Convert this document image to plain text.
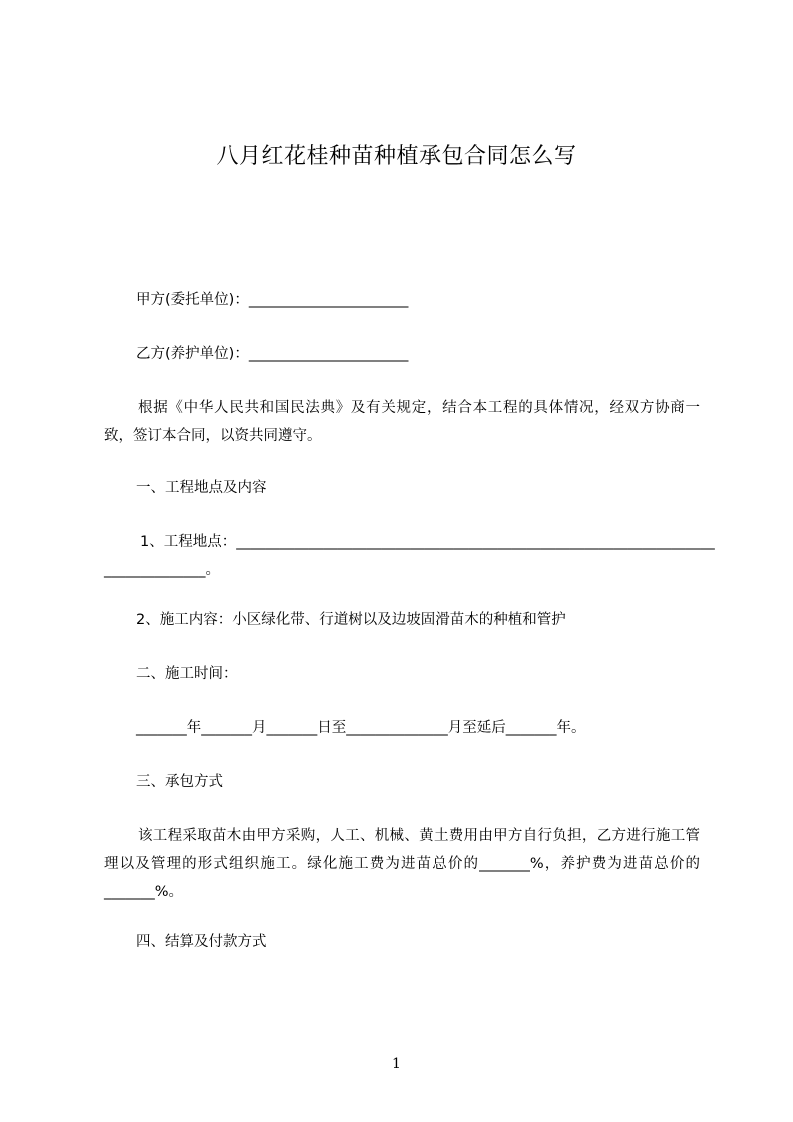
八月红花桂种苗种植承包合同怎么写
甲方(委托单位)：______________________
乙方(养护单位)：______________________
根据《中华人民共和国民法典》及有关规定，结合本工程的具体情况，经双方协商一致，签订本合同，以资共同遵守。
一、工程地点及内容
1、工程地点：__________________________________________________________________
______________。
2、施工内容：小区绿化带、行道树以及边坡固滑苗木的种植和管护
二、施工时间：
_______年_______月_______日至______________月至延后_______年。
三、承包方式
该工程采取苗木由甲方采购，人工、机械、黄土费用由甲方自行负担，乙方进行施工管理以及管理的形式组织施工。绿化施工费为进苗总价的_______%，养护费为进苗总价的_______%。
四、结算及付款方式
1
